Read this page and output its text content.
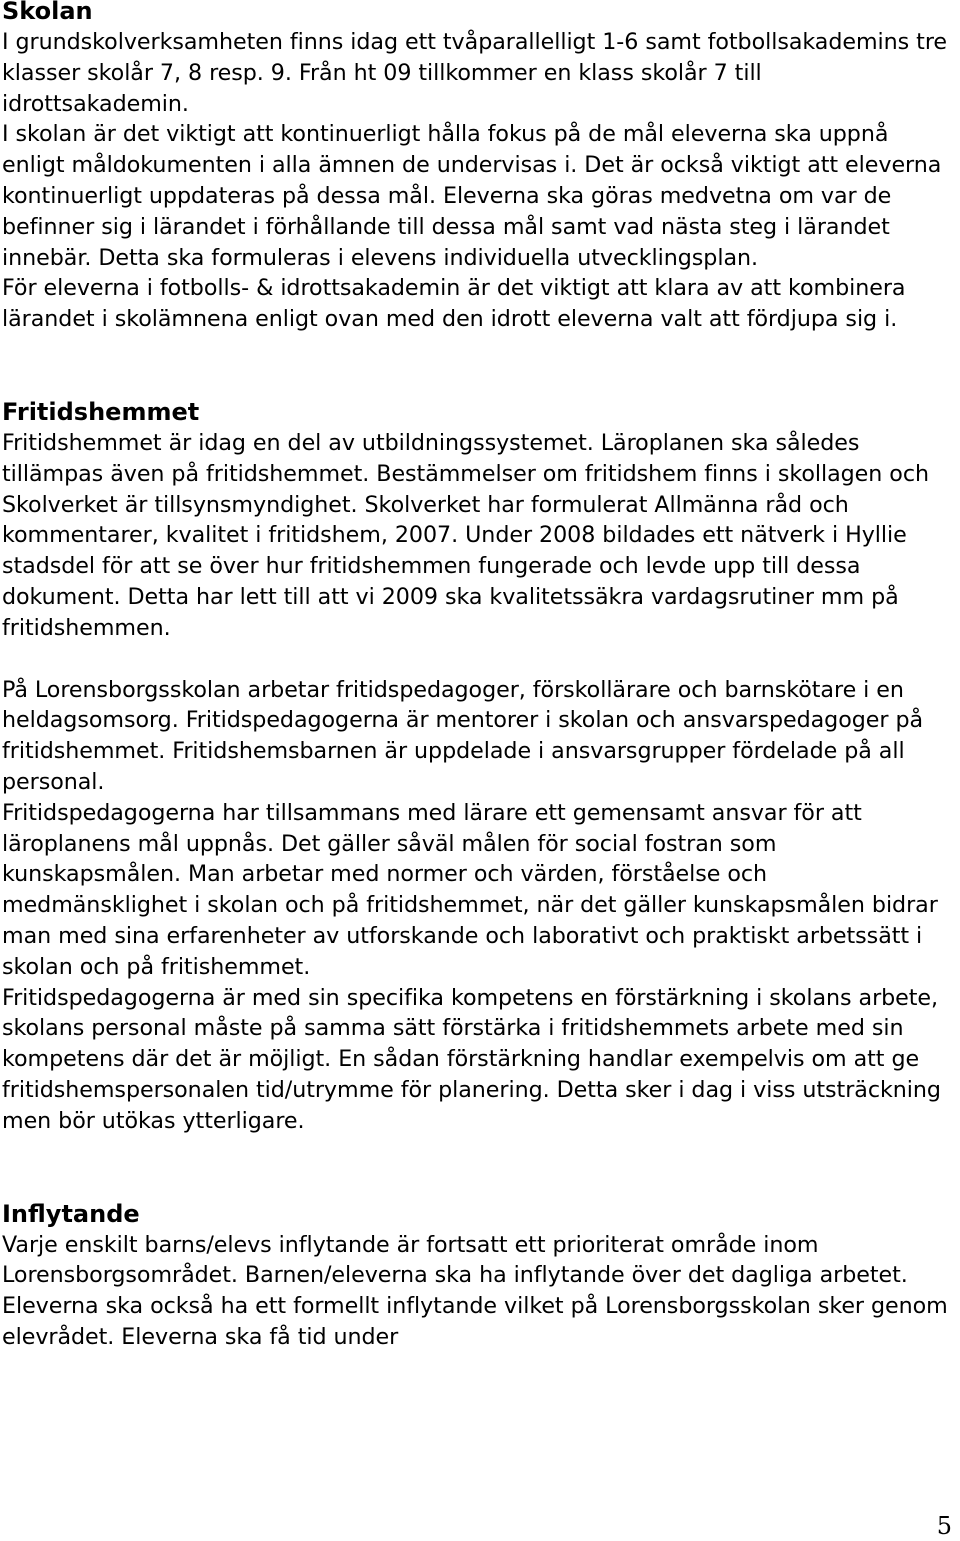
Skolan

I grundskolverksamheten finns idag ett tvåparallelligt 1-6 samt fotbollsakademins tre klasser skolår 7, 8 resp. 9. Från ht 09 tillkommer en klass skolår 7 till idrottsakademin.

I skolan är det viktigt att kontinuerligt hålla fokus på de mål eleverna ska uppnå enligt måldokumenten i alla ämnen de undervisas i. Det är också viktigt att eleverna kontinuerligt uppdateras på dessa mål. Eleverna ska göras medvetna om var de befinner sig i lärandet i förhållande till dessa mål samt vad nästa steg i lärandet innebär. Detta ska formuleras i elevens individuella utvecklingsplan.

För eleverna i fotbolls- & idrottsakademin är det viktigt att klara av att kombinera lärandet i skolämnena enligt ovan med den idrott eleverna valt att fördjupa sig i.

Fritidshemmet

Fritidshemmet är idag en del av utbildningssystemet. Läroplanen ska således tillämpas även på fritidshemmet. Bestämmelser om fritidshem finns i skollagen och Skolverket är tillsynsmyndighet. Skolverket har formulerat Allmänna råd och kommentarer, kvalitet i fritidshem, 2007. Under 2008 bildades ett nätverk i Hyllie stadsdel för att se över hur fritidshemmen fungerade och levde upp till dessa dokument. Detta har lett till att vi 2009 ska kvalitetssäkra vardagsrutiner mm på fritidshemmen.

På Lorensborgsskolan arbetar fritidspedagoger, förskollärare och barnskötare i en heldagsomsorg. Fritidspedagogerna är mentorer i skolan och ansvarspedagoger på fritidshemmet. Fritidshemsbarnen är uppdelade i ansvarsgrupper fördelade på all personal.

Fritidspedagogerna har tillsammans med lärare ett gemensamt ansvar för att läroplanens mål uppnås. Det gäller såväl målen för social fostran som kunskapsmålen. Man arbetar med normer och värden, förståelse och medmänsklighet i skolan och på fritidshemmet, när det gäller kunskapsmålen bidrar man med sina erfarenheter av utforskande och laborativt och praktiskt arbetssätt i skolan och på fritishemmet.

Fritidspedagogerna är med sin specifika kompetens en förstärkning i skolans arbete, skolans personal måste på samma sätt förstärka i fritidshemmets arbete med sin kompetens där det är möjligt. En sådan förstärkning handlar exempelvis om att ge fritidshemspersonalen tid/utrymme för planering. Detta sker i dag i viss utsträckning men bör utökas ytterligare.

Inflytande

Varje enskilt barns/elevs inflytande är fortsatt ett prioriterat område inom Lorensborgsområdet. Barnen/eleverna ska ha inflytande över det dagliga arbetet. Eleverna ska också ha ett formellt inflytande vilket på Lorensborgsskolan sker genom elevrådet. Eleverna ska få tid under

5
